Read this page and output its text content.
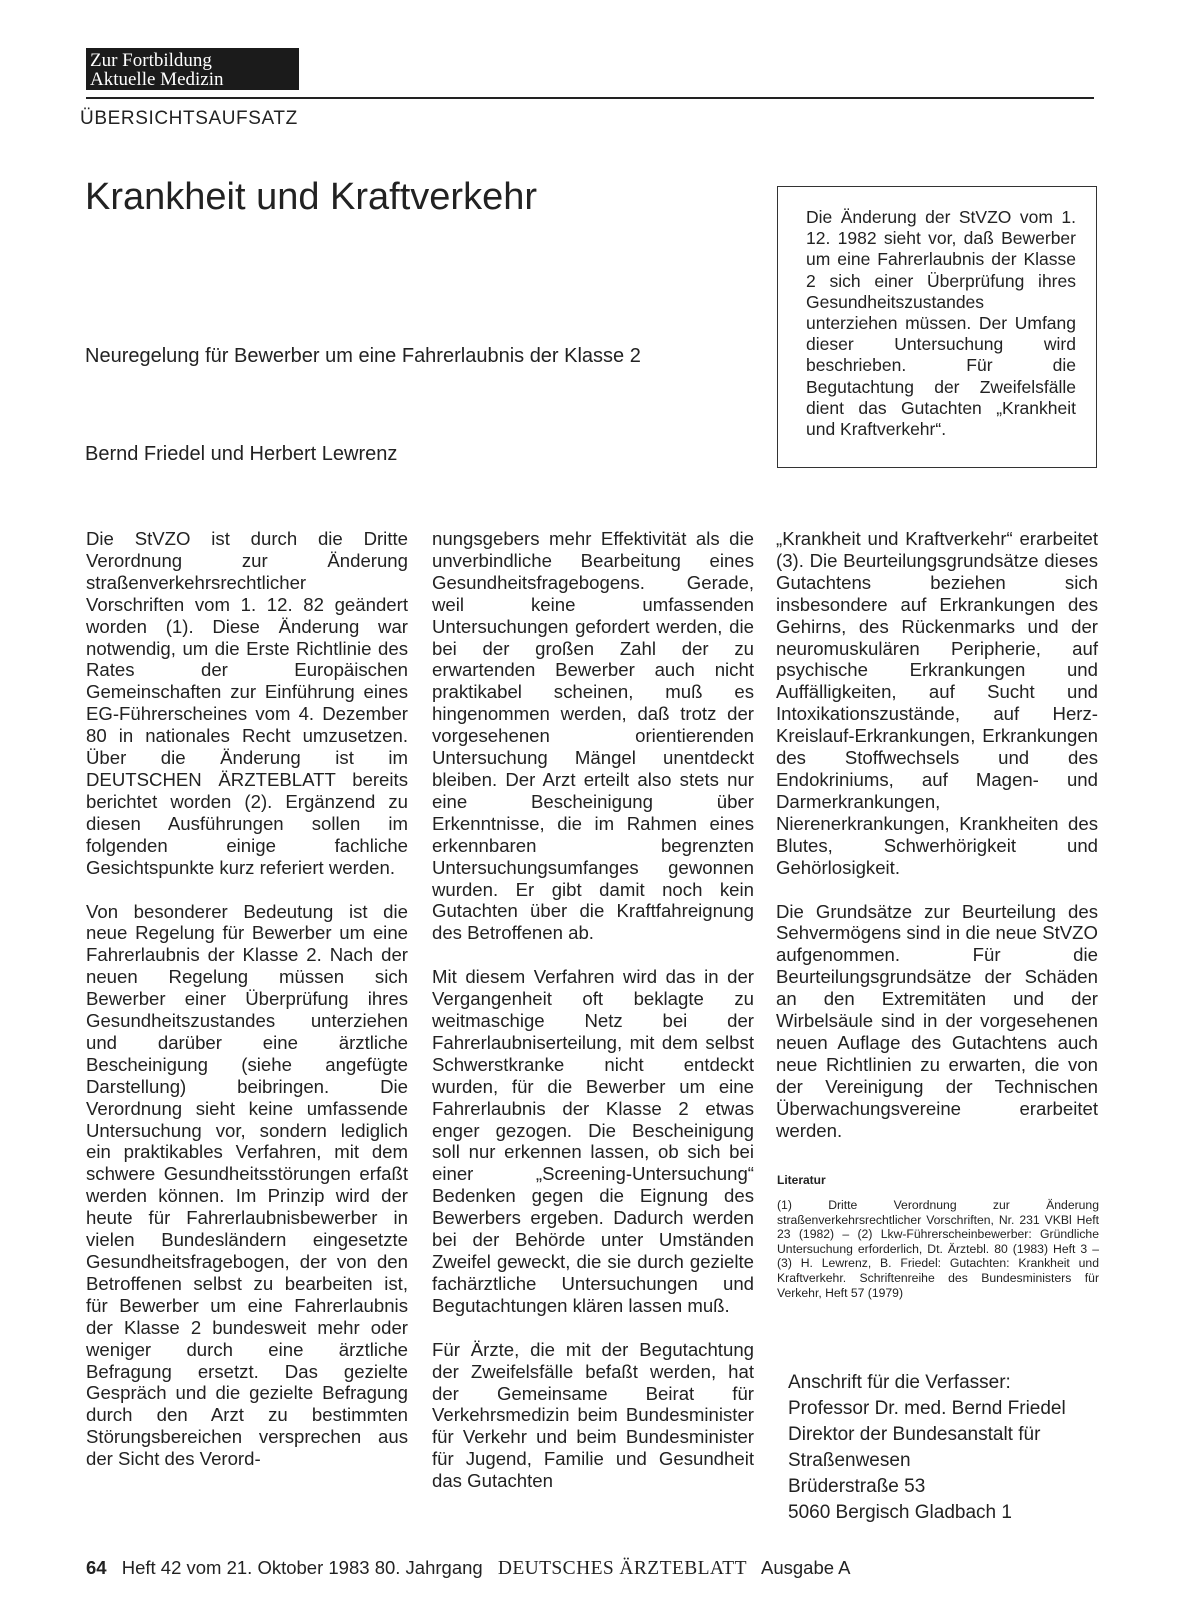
Zur Fortbildung
Aktuelle Medizin
ÜBERSICHTSAUFSATZ
Krankheit und Kraftverkehr
Neuregelung für Bewerber um eine Fahrerlaubnis der Klasse 2
Bernd Friedel und Herbert Lewrenz
Die Änderung der StVZO vom 1. 12. 1982 sieht vor, daß Bewerber um eine Fahrerlaubnis der Klasse 2 sich einer Überprüfung ihres Gesundheitszustandes unterziehen müssen. Der Umfang dieser Untersuchung wird beschrieben. Für die Begutachtung der Zweifelsfälle dient das Gutachten „Krankheit und Kraftverkehr“.

Die StVZO ist durch die Dritte Verordnung zur Änderung straßenverkehrsrechtlicher Vorschriften vom 1. 12. 82 geändert worden (1). Diese Änderung war notwendig, um die Erste Richtlinie des Rates der Europäischen Gemeinschaften zur Einführung eines EG-Führerscheines vom 4. Dezember 80 in nationales Recht umzusetzen. Über die Änderung ist im DEUTSCHEN ÄRZTEBLATT bereits berichtet worden (2). Ergänzend zu diesen Ausführungen sollen im folgenden einige fachliche Gesichtspunkte kurz referiert werden.

Von besonderer Bedeutung ist die neue Regelung für Bewerber um eine Fahrerlaubnis der Klasse 2. Nach der neuen Regelung müssen sich Bewerber einer Überprüfung ihres Gesundheitszustandes unterziehen und darüber eine ärztliche Bescheinigung (siehe angefügte Darstellung) beibringen. Die Verordnung sieht keine umfassende Untersuchung vor, sondern lediglich ein praktikables Verfahren, mit dem schwere Gesundheitsstörungen erfaßt werden können. Im Prinzip wird der heute für Fahrerlaubnisbewerber in vielen Bundesländern eingesetzte Gesundheitsfragebogen, der von den Betroffenen selbst zu bearbeiten ist, für Bewerber um eine Fahrerlaubnis der Klasse 2 bundesweit mehr oder weniger durch eine ärztliche Befragung ersetzt. Das gezielte Gespräch und die gezielte Befragung durch den Arzt zu bestimmten Störungsbereichen versprechen aus der Sicht des Verord-

nungsgebers mehr Effektivität als die unverbindliche Bearbeitung eines Gesundheitsfragebogens. Gerade, weil keine umfassenden Untersuchungen gefordert werden, die bei der großen Zahl der zu erwartenden Bewerber auch nicht praktikabel scheinen, muß es hingenommen werden, daß trotz der vorgesehenen orientierenden Untersuchung Mängel unentdeckt bleiben. Der Arzt erteilt also stets nur eine Bescheinigung über Erkenntnisse, die im Rahmen eines erkennbaren begrenzten Untersuchungsumfanges gewonnen wurden. Er gibt damit noch kein Gutachten über die Kraftfahreignung des Betroffenen ab.

Mit diesem Verfahren wird das in der Vergangenheit oft beklagte zu weitmaschige Netz bei der Fahrerlaubniserteilung, mit dem selbst Schwerstkranke nicht entdeckt wurden, für die Bewerber um eine Fahrerlaubnis der Klasse 2 etwas enger gezogen. Die Bescheinigung soll nur erkennen lassen, ob sich bei einer „Screening-Untersuchung“ Bedenken gegen die Eignung des Bewerbers ergeben. Dadurch werden bei der Behörde unter Umständen Zweifel geweckt, die sie durch gezielte fachärztliche Untersuchungen und Begutachtungen klären lassen muß.

Für Ärzte, die mit der Begutachtung der Zweifelsfälle befaßt werden, hat der Gemeinsame Beirat für Verkehrsmedizin beim Bundesminister für Verkehr und beim Bundesminister für Jugend, Familie und Gesundheit das Gutachten

„Krankheit und Kraftverkehr“ erarbeitet (3). Die Beurteilungsgrundsätze dieses Gutachtens beziehen sich insbesondere auf Erkrankungen des Gehirns, des Rückenmarks und der neuromuskulären Peripherie, auf psychische Erkrankungen und Auffälligkeiten, auf Sucht und Intoxikationszustände, auf Herz-Kreislauf-Erkrankungen, Erkrankungen des Stoffwechsels und des Endokriniums, auf Magen- und Darmerkrankungen, Nierenerkrankungen, Krankheiten des Blutes, Schwerhörigkeit und Gehörlosigkeit.

Die Grundsätze zur Beurteilung des Sehvermögens sind in die neue StVZO aufgenommen. Für die Beurteilungsgrundsätze der Schäden an den Extremitäten und der Wirbelsäule sind in der vorgesehenen neuen Auflage des Gutachtens auch neue Richtlinien zu erwarten, die von der Vereinigung der Technischen Überwachungsvereine erarbeitet werden.

Literatur
(1) Dritte Verordnung zur Änderung straßenverkehrsrechtlicher Vorschriften, Nr. 231 VKBl Heft 23 (1982) – (2) Lkw-Führerscheinbewerber: Gründliche Untersuchung erforderlich, Dt. Ärztebl. 80 (1983) Heft 3 – (3) H. Lewrenz, B. Friedel: Gutachten: Krankheit und Kraftverkehr. Schriftenreihe des Bundesministers für Verkehr, Heft 57 (1979)
Anschrift für die Verfasser:
Professor Dr. med. Bernd Friedel
Direktor der Bundesanstalt für
Straßenwesen
Brüderstraße 53
5060 Bergisch Gladbach 1
64 Heft 42 vom 21. Oktober 1983 80. Jahrgang DEUTSCHES ÄRZTEBLATT Ausgabe A
